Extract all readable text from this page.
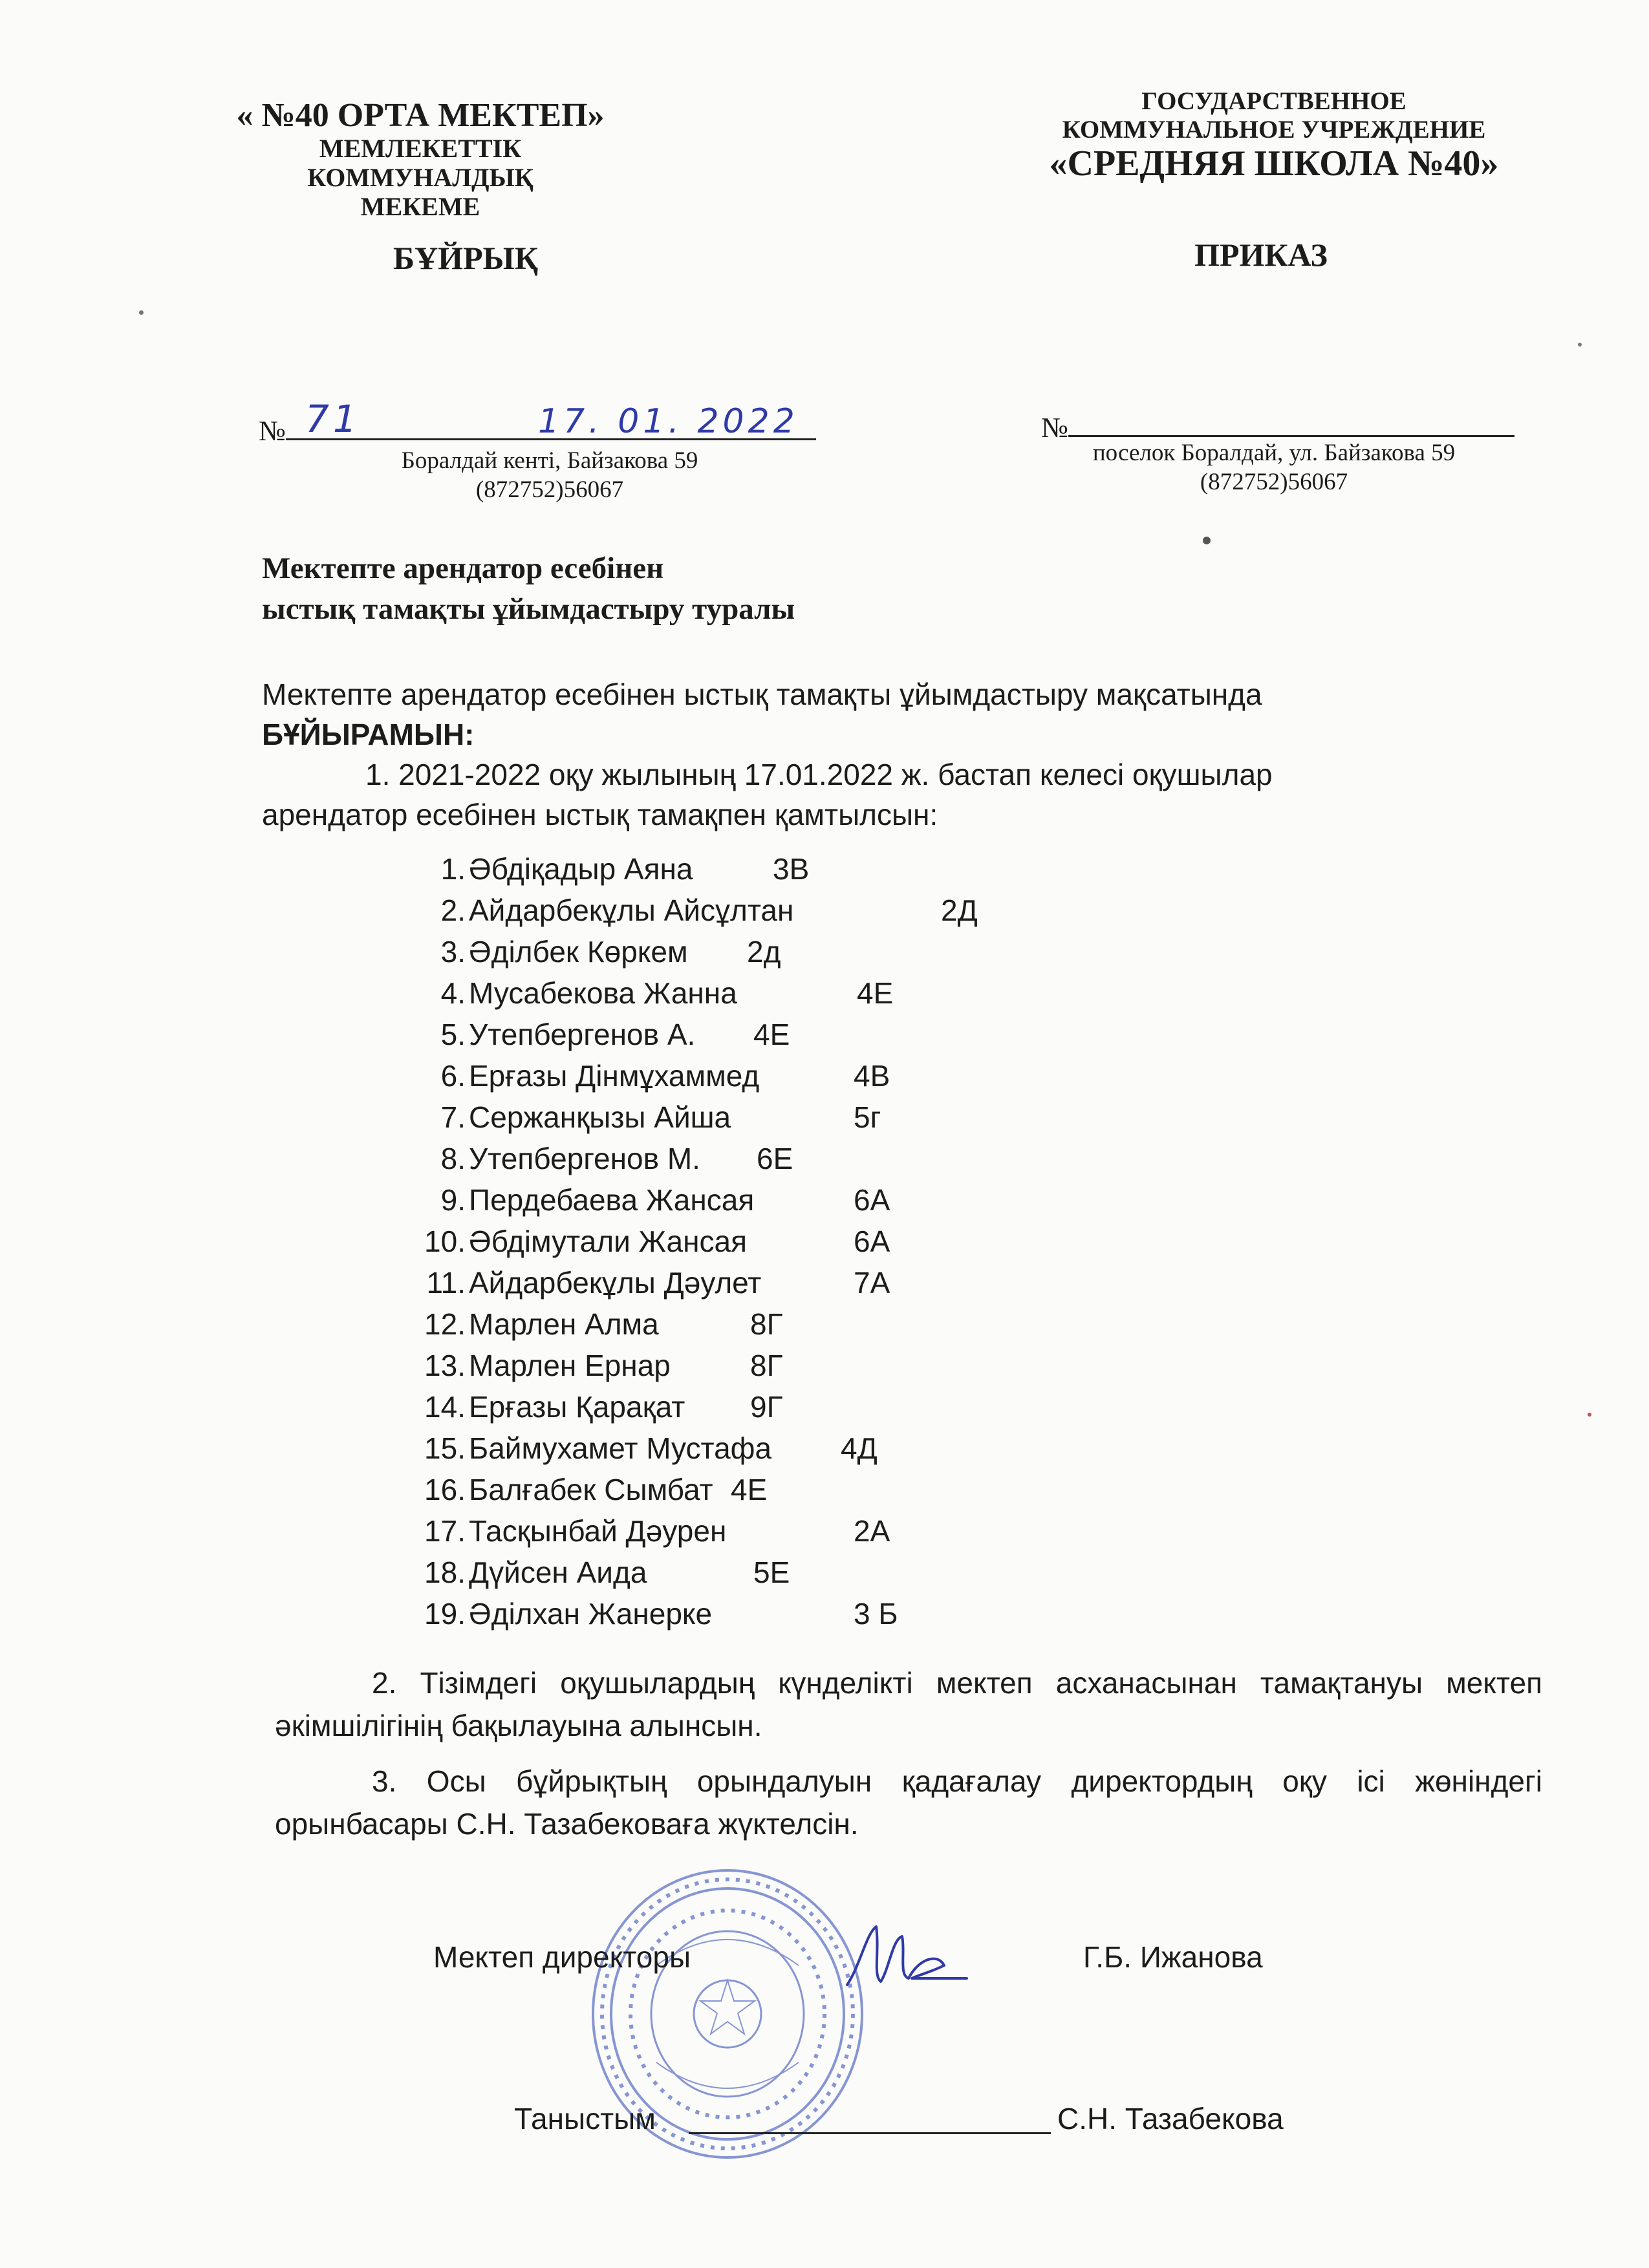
« №40 ОРТА МЕКТЕП»
МЕМЛЕКЕТТІК КОММУНАЛДЫҚ
МЕКЕМЕ
ГОСУДАРСТВЕННОЕ
КОММУНАЛЬНОЕ УЧРЕЖДЕНИЕ
«СРЕДНЯЯ ШКОЛА №40»
БҰЙРЫҚ	ПРИКАЗ
№ 71	17. 01. 2022
Боралдай кенті, Байзакова 59
(872752)56067
№
поселок Боралдай, ул. Байзакова 59
(872752)56067
Мектепте арендатор есебінен
ыстық тамақты ұйымдастыру туралы
Мектепте арендатор есебінен ыстық тамақты ұйымдастыру мақсатында
БҰЙЫРАМЫН:
1. 2021-2022 оқу жылының 17.01.2022 ж. бастап келесі оқушылар
арендатор есебінен ыстық тамақпен қамтылсын:
1. Әбдіқадыр Аяна	3В
2. Айдарбекұлы Айсұлтан	2Д
3. Әділбек Көркем 2д
4. Мусабекова Жанна	4Е
5. Утепбергенов А. 4Е
6. Ерғазы Дінмұхаммед	4В
7. Сержанқызы Айша	5г
8. Утепбергенов М. 6Е
9. Пердебаева Жансая	6А
10. Әбдімутали Жансая	6А
11. Айдарбекұлы Дәулет	7А
12. Марлен Алма	8Г
13. Марлен Ернар	8Г
14. Ерғазы Қарақат 9Г
15. Баймухамет Мустафа 4Д
16. Балғабек Сымбат 4Е
17. Тасқынбай Дәурен	2А
18. Дүйсен Аида	5Е
19. Әділхан Жанерке	3 Б
2. Тізімдегі оқушылардың күнделікті мектеп асханасынан тамақтануы мектеп әкімшілігінің бақылауына алынсын.
3. Осы бұйрықтың орындалуын қадағалау директордың оқу ісі жөніндегі орынбасары С.Н. Тазабековаға жүктелсін.
Мектеп директоры	Г.Б. Ижанова
Таныстым	С.Н. Тазабекова
